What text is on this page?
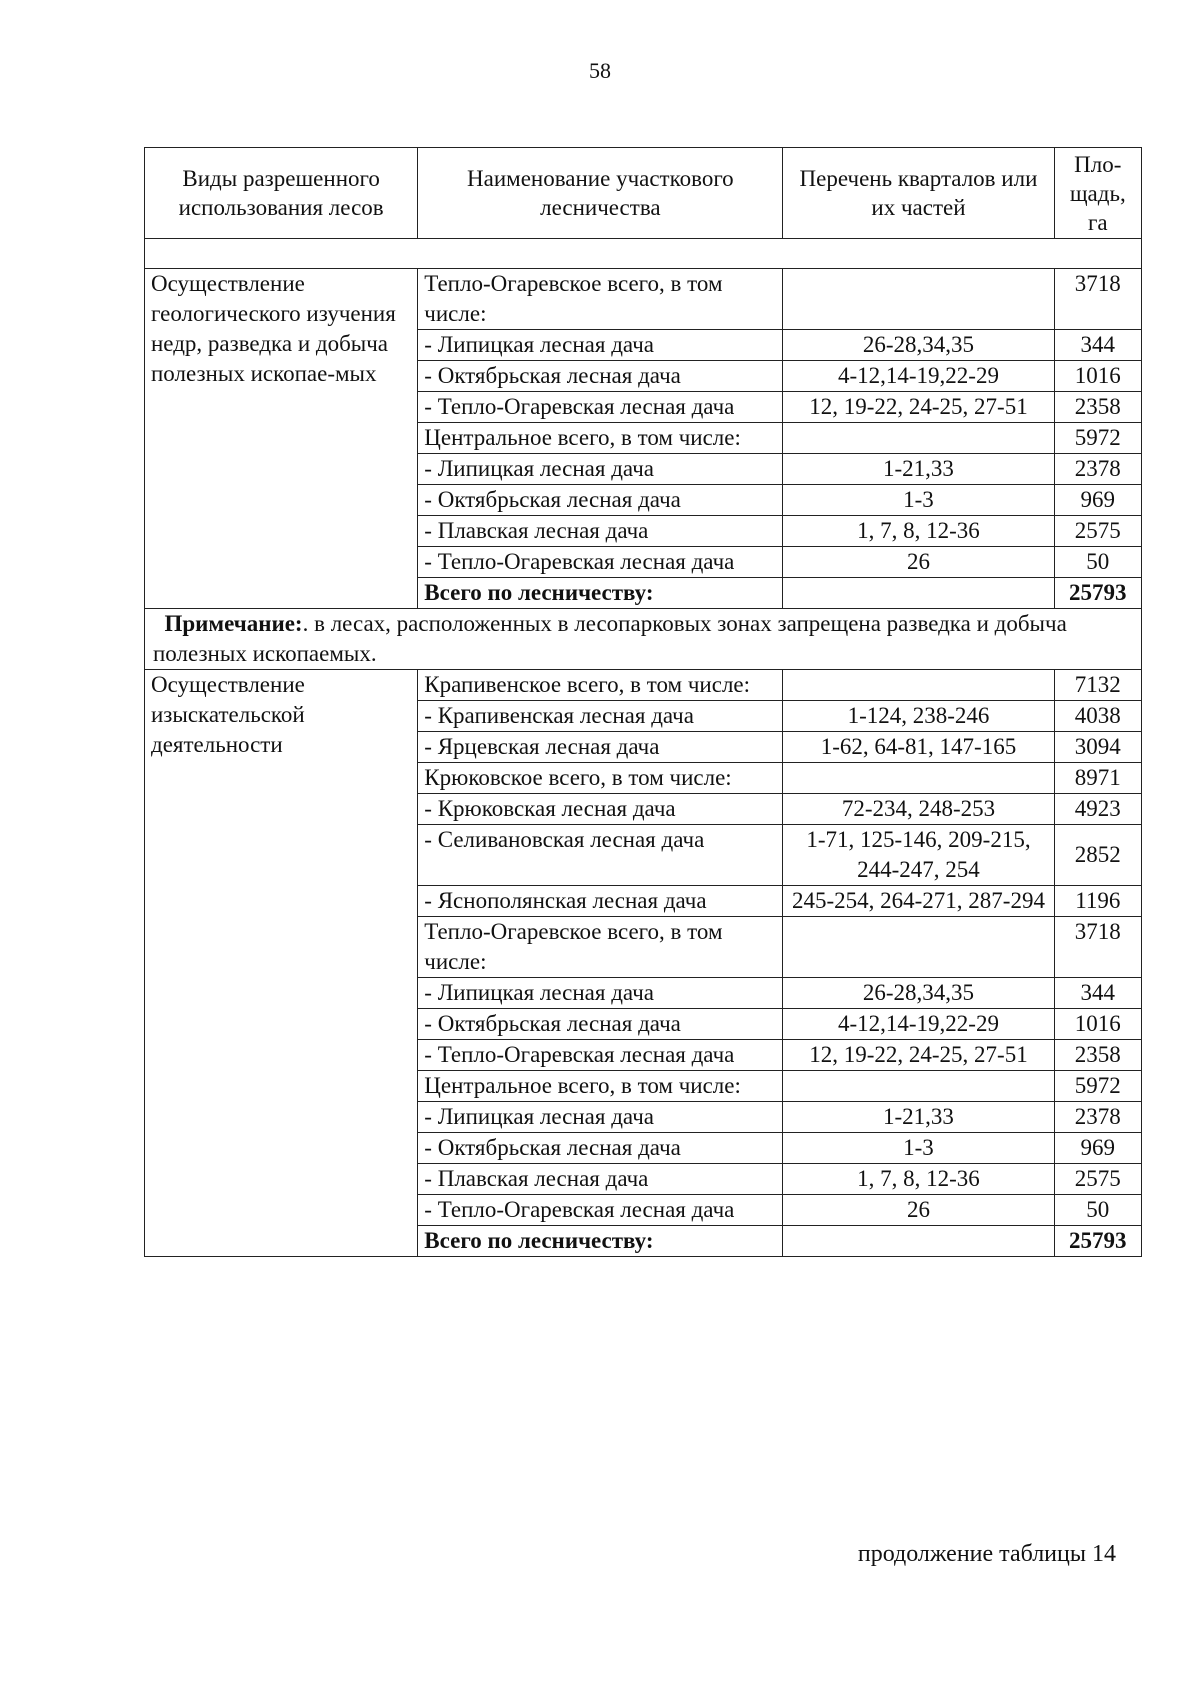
58
Виды разрешенного использования лесов	Наименование участкового лесничества	Перечень кварталов или их частей	Пло-щадь, га	

Осуществление геологического изучения недр, разведка и добыча полезных ископае-мых	Тепло-Огаревское всего, в том числе:		3718	
	- Липицкая лесная дача	26-28,34,35	344	
	- Октябрьская лесная дача	4-12,14-19,22-29	1016	
	- Тепло-Огаревская лесная дача	12, 19-22, 24-25, 27-51	2358	
	Центральное всего, в том числе:		5972	
	- Липицкая лесная дача	1-21,33	2378	
	- Октябрьская лесная дача	1-3	969	
	- Плавская лесная дача	1, 7, 8, 12-36	2575	
	- Тепло-Огаревская лесная дача	26	50	
	Всего по лесничеству:		25793	
Примечание:. в лесах, расположенных в лесопарковых зонах запрещена разведка и добыча полезных ископаемых.				
Осуществление изыскательской деятельности	Крапивенское всего, в том числе:		7132	
	- Крапивенская лесная дача	1-124, 238-246	4038	
	- Ярцевская лесная дача	1-62, 64-81, 147-165	3094	
	Крюковское всего, в том числе:		8971	
	- Крюковская лесная дача	72-234, 248-253	4923	
	- Селивановская лесная дача	1-71, 125-146, 209-215, 244-247, 254	2852	
	- Яснополянская лесная дача	245-254, 264-271, 287-294	1196	
	Тепло-Огаревское всего, в том числе:		3718	
	- Липицкая лесная дача	26-28,34,35	344	
	- Октябрьская лесная дача	4-12,14-19,22-29	1016	
	- Тепло-Огаревская лесная дача	12, 19-22, 24-25, 27-51	2358	
	Центральное всего, в том числе:		5972	
	- Липицкая лесная дача	1-21,33	2378	
	- Октябрьская лесная дача	1-3	969	
	- Плавская лесная дача	1, 7, 8, 12-36	2575	
	- Тепло-Огаревская лесная дача	26	50	
	Всего по лесничеству:		25793	
продолжение таблицы 14
